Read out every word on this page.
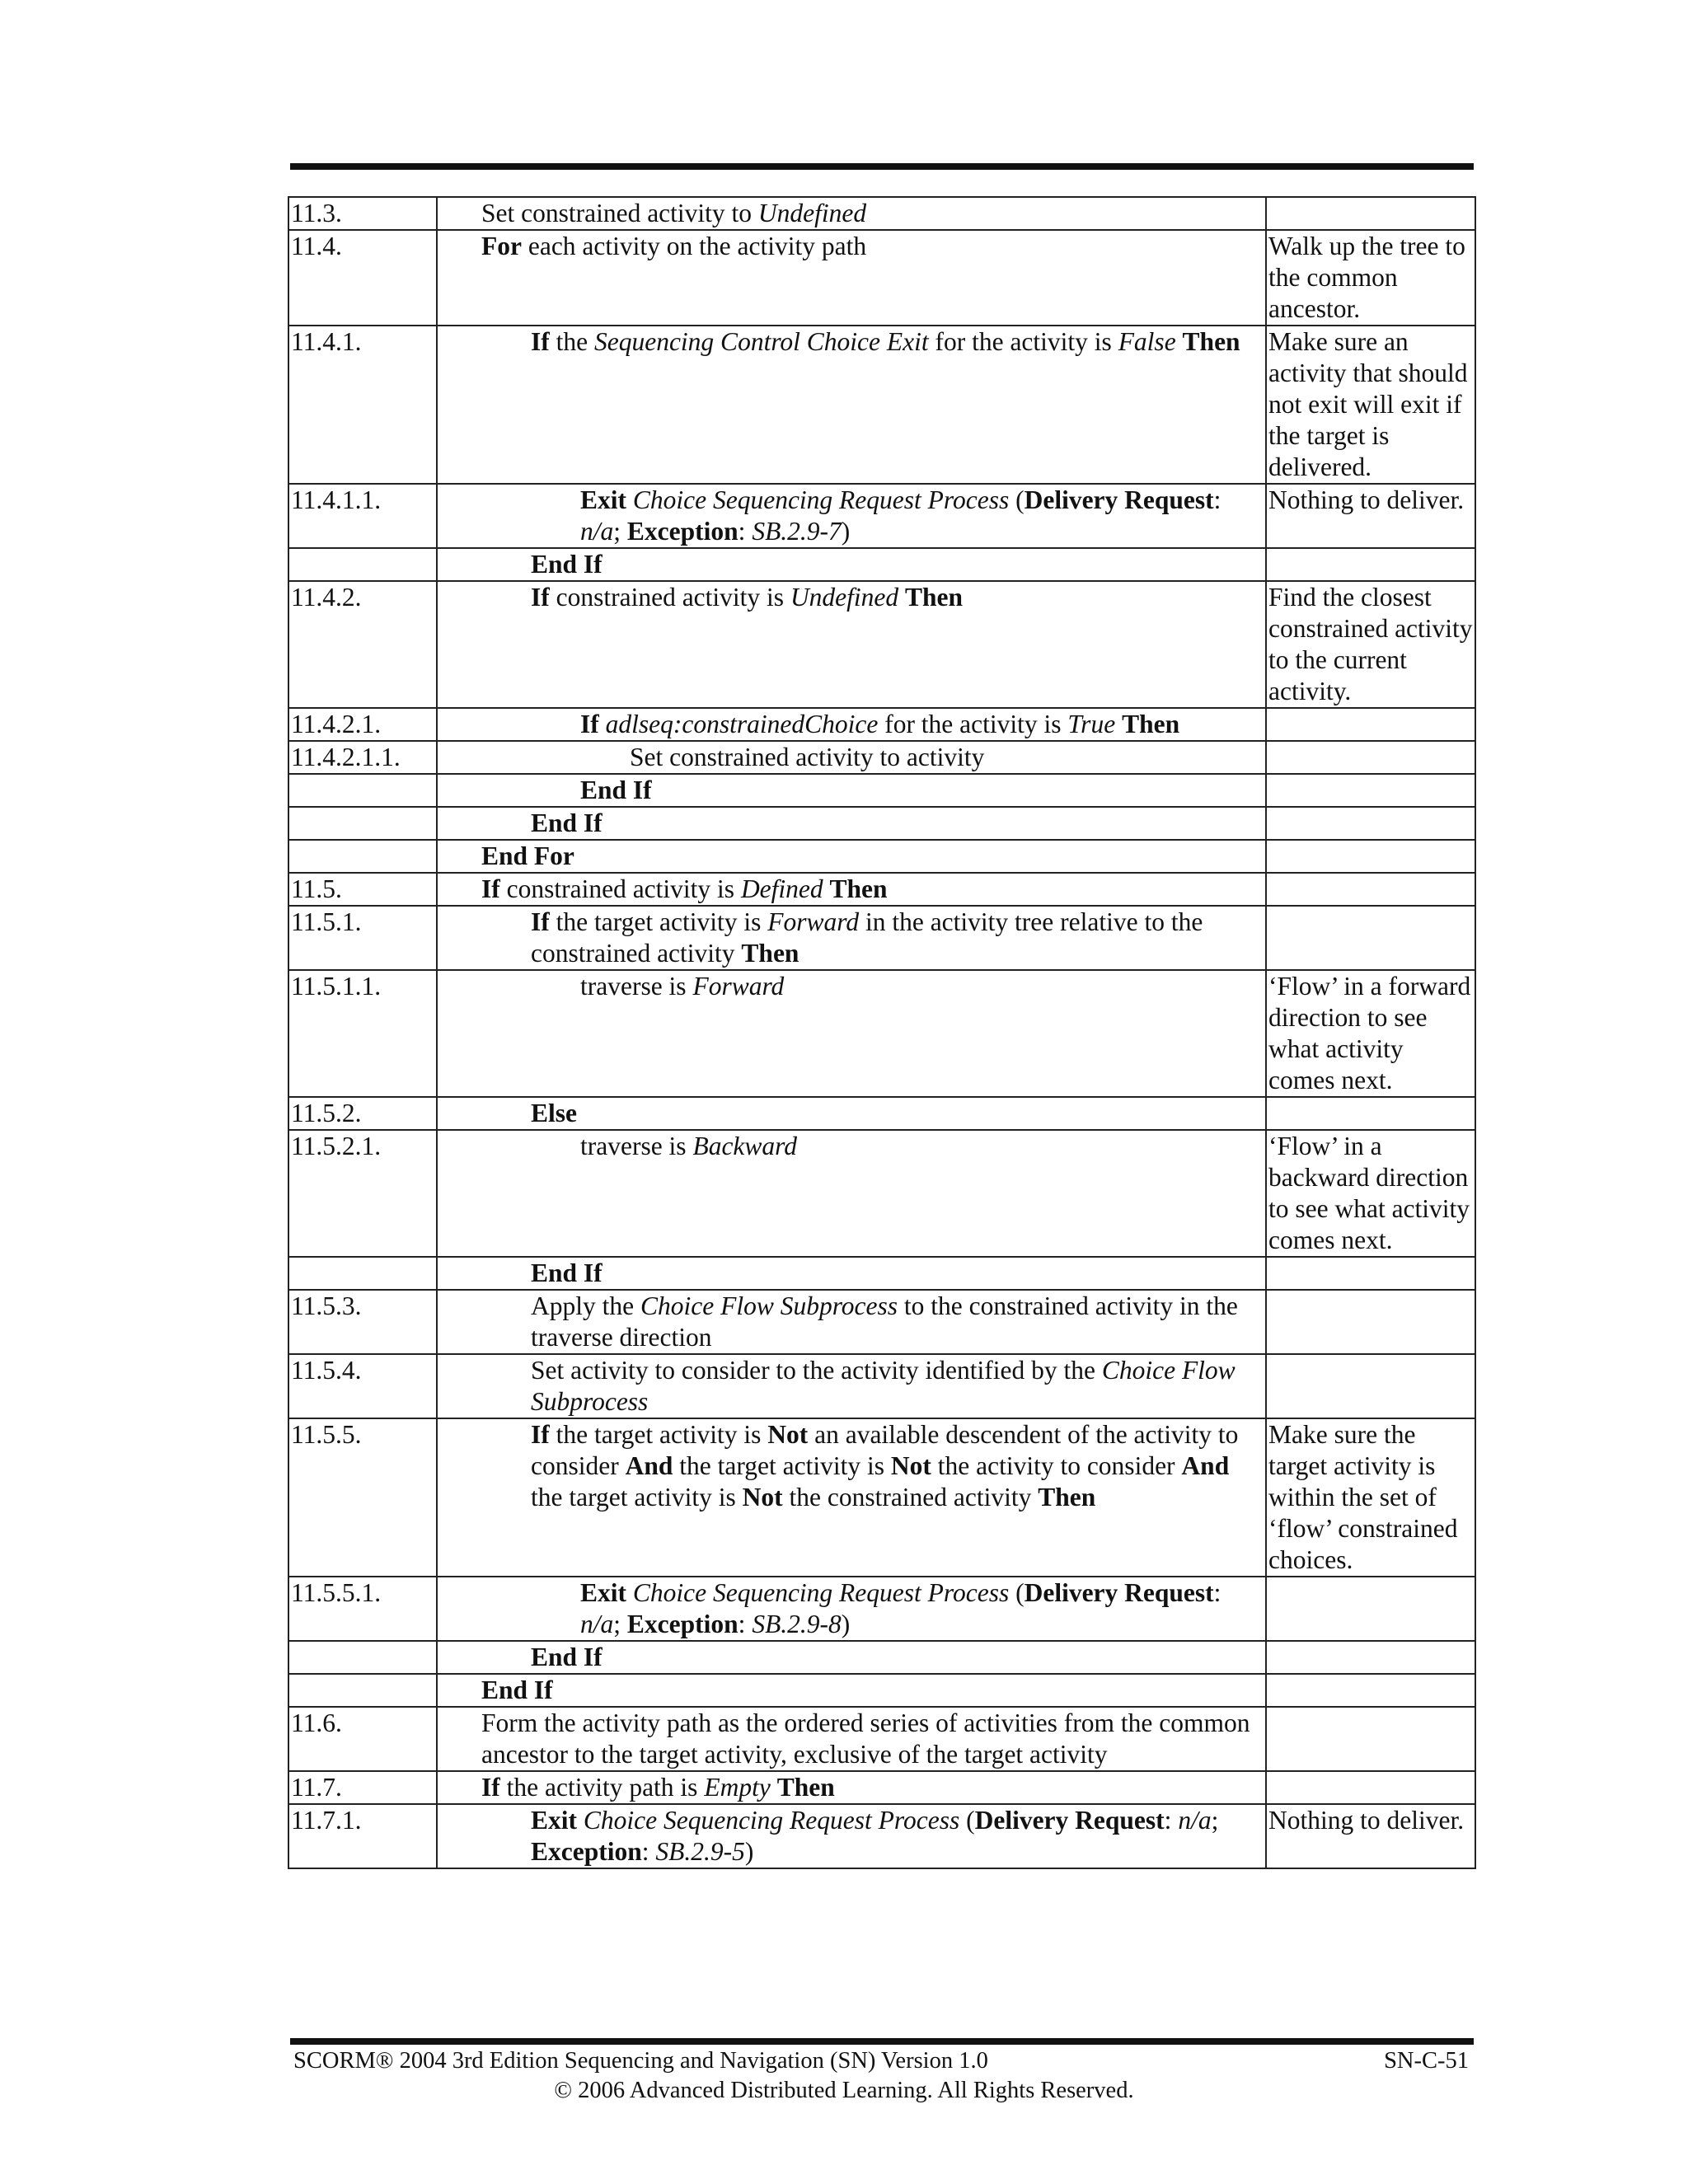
11.3.	Set constrained activity to Undefined	

11.4.	For each activity on the activity path	Walk up the tree to the common ancestor.
11.4.1.	If the Sequencing Control Choice Exit for the activity is False Then	Make sure an activity that should not exit will exit if the target is delivered.
11.4.1.1.	Exit Choice Sequencing Request Process (Delivery Request: n/a; Exception: SB.2.9-7)	Nothing to deliver.

	End If	

11.4.2.	If constrained activity is Undefined Then	Find the closest constrained activity to the current activity.
11.4.2.1.	If adlseq:constrainedChoice for the activity is True Then	

11.4.2.1.1.	Set constrained activity to activity	

	End If	

	End If	

	End For	

11.5.	If constrained activity is Defined Then	

11.5.1.	If the target activity is Forward in the activity tree relative to the constrained activity Then	

11.5.1.1.	traverse is Forward	‘Flow’ in a forward direction to see what activity comes next.
11.5.2.	Else	

11.5.2.1.	traverse is Backward	‘Flow’ in a backward direction to see what activity comes next.

	End If	

11.5.3.	Apply the Choice Flow Subprocess to the constrained activity in the traverse direction	

11.5.4.	Set activity to consider to the activity identified by the Choice Flow Subprocess	

11.5.5.	If the target activity is Not an available descendent of the activity to consider And the target activity is Not the activity to consider And the target activity is Not the constrained activity Then	Make sure the target activity is within the set of ‘flow’ constrained choices.
11.5.5.1.	Exit Choice Sequencing Request Process (Delivery Request: n/a; Exception: SB.2.9-8)	

	End If	

	End If	

11.6.	Form the activity path as the ordered series of activities from the common ancestor to the target activity, exclusive of the target activity	

11.7.	If the activity path is Empty Then	

11.7.1.	Exit Choice Sequencing Request Process (Delivery Request: n/a; Exception: SB.2.9-5)	Nothing to deliver.
SCORM® 2004 3rd Edition Sequencing and Navigation (SN) Version 1.0	SN-C-51
© 2006 Advanced Distributed Learning. All Rights Reserved.
